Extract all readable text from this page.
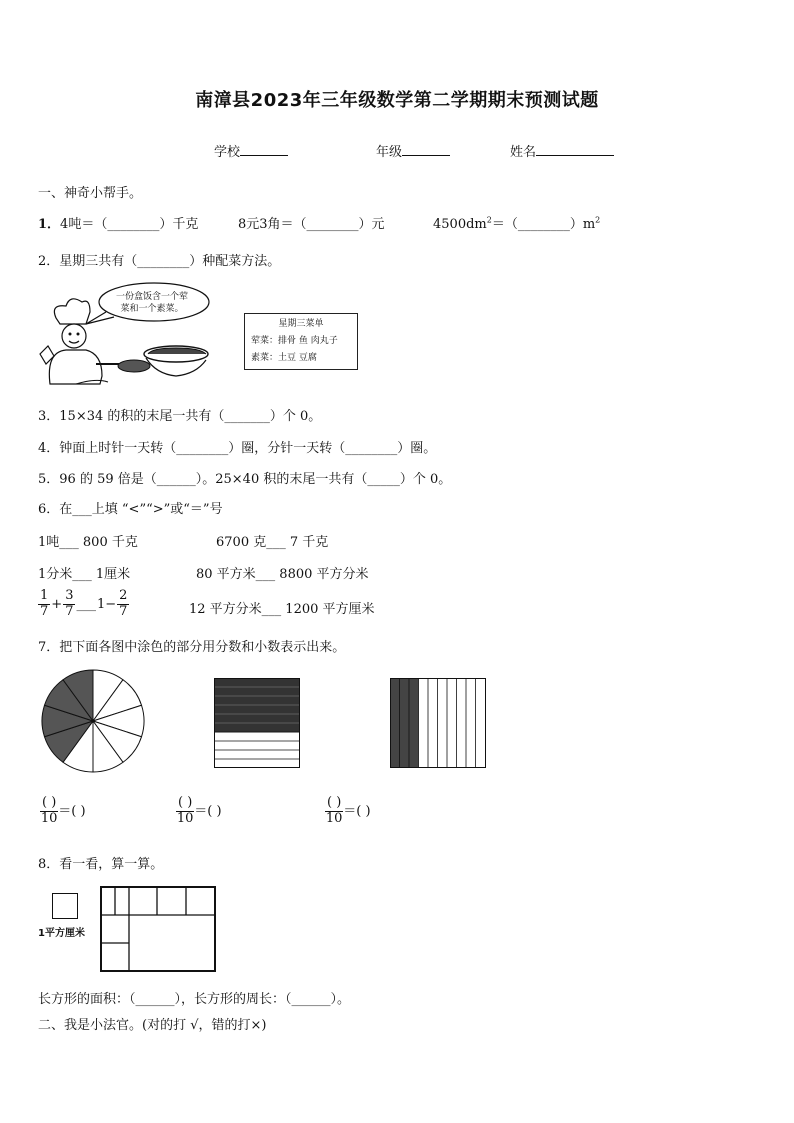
南漳县2023年三年级数学第二学期期末预测试题
学校	年级	姓名
一、神奇小帮手。
1．4吨＝（________）千克	8元3角＝（________）元	$4500dm^2=(\_\_\_\_\_\_\_\_)m^2$
2．星期三共有（________）种配菜方法。
一份盒饭含一个荤
菜和一个素菜。
星期三菜单
荤菜：排骨 鱼 肉丸子
素菜：土豆 豆腐
3．15×34 的积的末尾一共有（_______）个 0。
4．钟面上时针一天转（________）圈，分针一天转（________）圈。
5．96 的 59 倍是（______）。25×40 积的末尾一共有（_____）个 0。
6．在___上填 “<”“>”或“＝”号
1吨___ 800 千克	6700 克___ 7 千克
1分米___ 1厘米	80 平方米___ 8800 平方分米
$\frac{1}{7} + \frac{3}{7}$ ___ $1- \frac{2}{7}$	12 平方分米___ 1200 平方厘米
7．把下面各图中涂色的部分用分数和小数表示出来。
$\frac{( )}{10}$ ＝( )	$\frac{( )}{10}$ ＝( )	$\frac{( )}{10}$ ＝( )
8．看一看，算一算。
1平方厘米
长方形的面积：（______），长方形的周长：（______）。
二、我是小法官。(对的打 √，错的打×)
